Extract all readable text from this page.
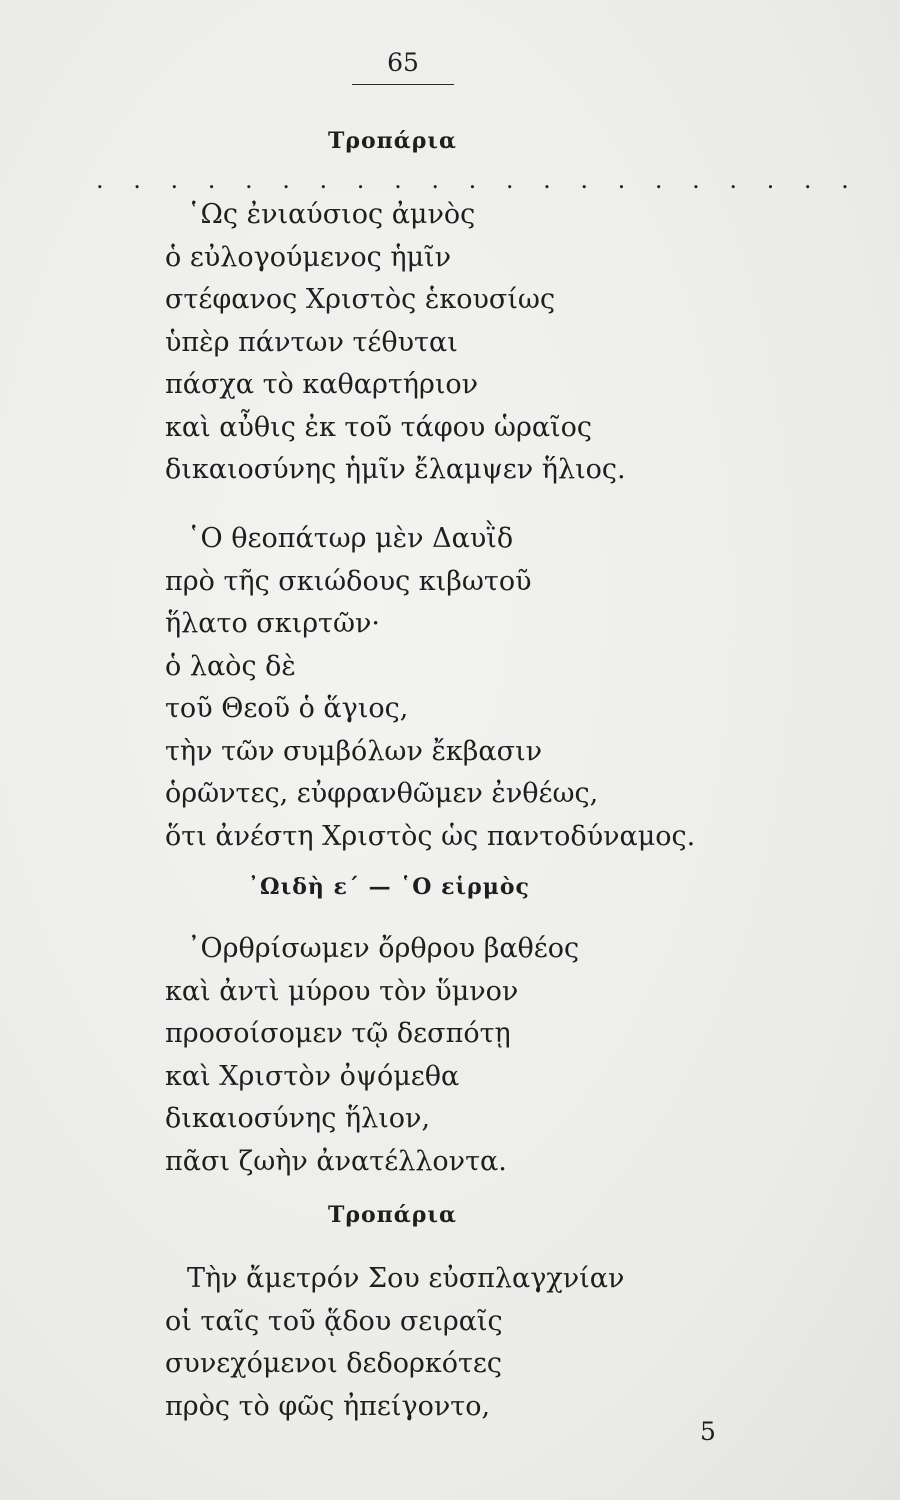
65
Τροπάρια
. . . . . . . . . . . . . . . . . . . . .
῾Ως ἐνιαύσιος ἀμνὸς
ὁ εὐλογούμενος ἡμῖν
στέφανος Χριστὸς ἑκουσίως
ὑπὲρ πάντων τέθυται
πάσχα τὸ καθαρτήριον
καὶ αὖθις ἐκ τοῦ τάφου ὡραῖος
δικαιοσύνης ἡμῖν ἔλαμψεν ἥλιος.
῾Ο θεοπάτωρ μὲν Δαυῒδ
πρὸ τῆς σκιώδους κιβωτοῦ
ἥλατο σκιρτῶν·
ὁ λαὸς δὲ
τοῦ Θεοῦ ὁ ἅγιος,
τὴν τῶν συμβόλων ἔκβασιν
ὁρῶντες, εὐφρανθῶμεν ἐνθέως,
ὅτι ἀνέστη Χριστὸς ὡς παντοδύναμος.
᾽Ωιδὴ ε΄ — ῾Ο εἱρμὸς
᾽Ορθρίσωμεν ὄρθρου βαθέος
καὶ ἀντὶ μύρου τὸν ὕμνον
προσοίσομεν τῷ δεσπότῃ
καὶ Χριστὸν ὀψόμεθα
δικαιοσύνης ἥλιον,
πᾶσι ζωὴν ἀνατέλλοντα.
Τροπάρια
Τὴν ἄμετρόν Σου εὐσπλαγχνίαν
οἱ ταῖς τοῦ ᾅδου σειραῖς
συνεχόμενοι δεδορκότες
πρὸς τὸ φῶς ἠπείγοντο,
5
